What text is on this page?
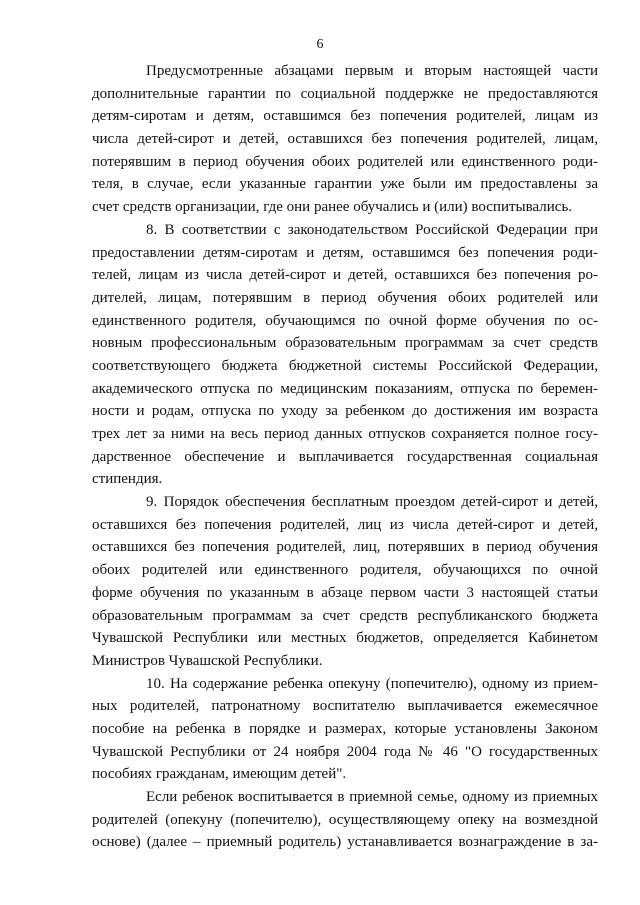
6
Предусмотренные абзацами первым и вторым настоящей части
дополнительные гарантии по социальной поддержке не предоставляются
детям-сиротам и детям, оставшимся без попечения родителей, лицам из
числа детей-сирот и детей, оставшихся без попечения родителей, лицам,
потерявшим в период обучения обоих родителей или единственного роди-
теля, в случае, если указанные гарантии уже были им предоставлены за
счет средств организации, где они ранее обучались и (или) воспитывались.
8. В соответствии с законодательством Российской Федерации при
предоставлении детям-сиротам и детям, оставшимся без попечения роди-
телей, лицам из числа детей-сирот и детей, оставшихся без попечения ро-
дителей, лицам, потерявшим в период обучения обоих родителей или
единственного родителя, обучающимся по очной форме обучения по ос-
новным профессиональным образовательным программам за счет средств
соответствующего бюджета бюджетной системы Российской Федерации,
академического отпуска по медицинским показаниям, отпуска по беремен-
ности и родам, отпуска по уходу за ребенком до достижения им возраста
трех лет за ними на весь период данных отпусков сохраняется полное госу-
дарственное обеспечение и выплачивается государственная социальная
стипендия.
9. Порядок обеспечения бесплатным проездом детей-сирот и детей,
оставшихся без попечения родителей, лиц из числа детей-сирот и детей,
оставшихся без попечения родителей, лиц, потерявших в период обучения
обоих родителей или единственного родителя, обучающихся по очной
форме обучения по указанным в абзаце первом части 3 настоящей статьи
образовательным программам за счет средств республиканского бюджета
Чувашской Республики или местных бюджетов, определяется Кабинетом
Министров Чувашской Республики.
10. На содержание ребенка опекуну (попечителю), одному из прием-
ных родителей, патронатному воспитателю выплачивается ежемесячное
пособие на ребенка в порядке и размерах, которые установлены Законом
Чувашской Республики от 24 ноября 2004 года № 46 "О государственных
пособиях гражданам, имеющим детей".
Если ребенок воспитывается в приемной семье, одному из приемных
родителей (опекуну (попечителю), осуществляющему опеку на возмездной
основе) (далее – приемный родитель) устанавливается вознаграждение в за-
